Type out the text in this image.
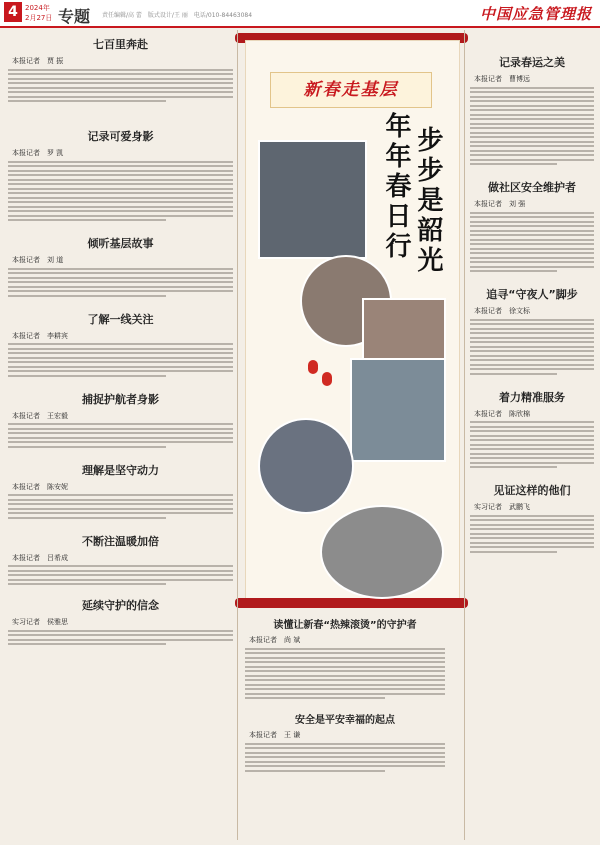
4	2024年
2月27日 专题 责任编辑/高 蕾　版式设计/王 丽　电话/010-84463084	中国应急管理报
七百里奔赴
本报记者　贾 振
记录可爱身影
本报记者　罗 凯
倾听基层故事
本报记者　刘 道
了解一线关注
本报记者　李耕宾
捕捉护航者身影
本报记者　王宏毅
理解是坚守动力
本报记者　陈安妮
不断注温暖加倍
本报记者　吕希成
延续守护的信念
实习记者　侯雅思
新春走基层
年年春日行 步步是韶光
读懂让新春“热辣滚烫”的守护者
本报记者　尚 斌
安全是平安幸福的起点
本报记者　王 谦
记录春运之美
本报记者　曹博远
做社区安全维护者
本报记者　刘 强
追寻“守夜人”脚步
本报记者　徐文标
着力精准服务
本报记者　陈欣棉
见证这样的他们
实习记者　武鹏飞
